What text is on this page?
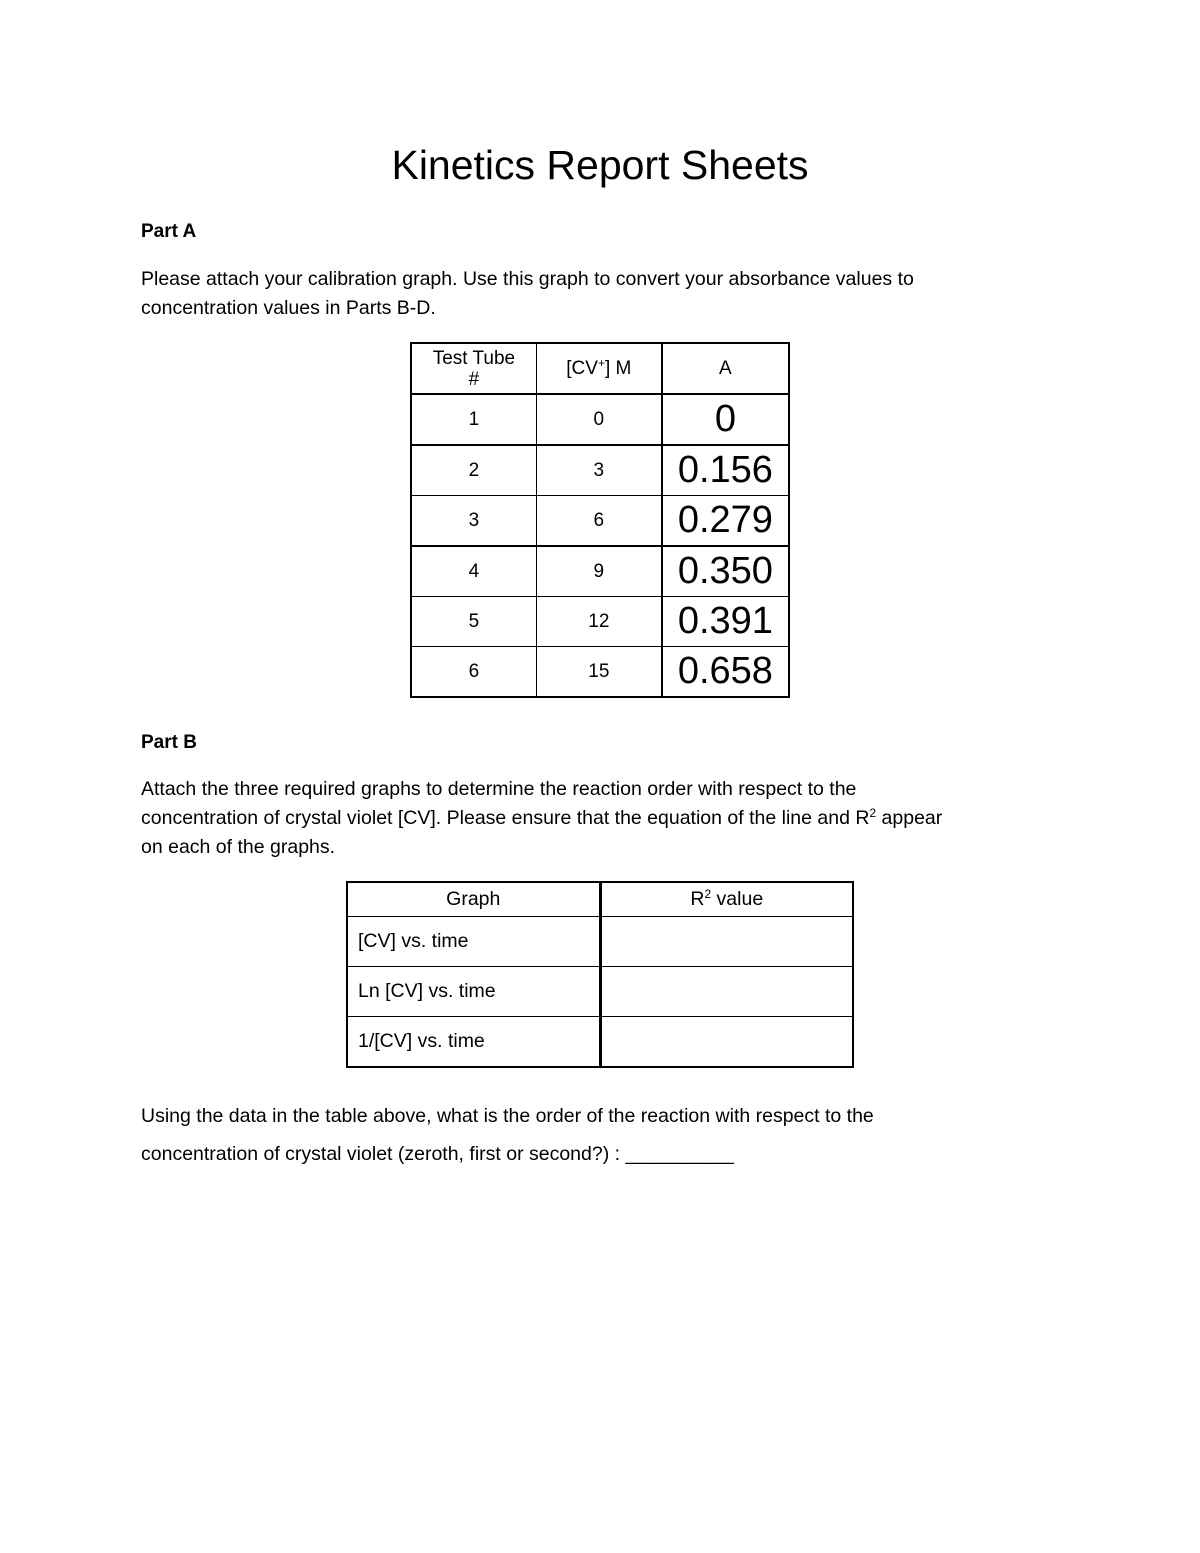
Kinetics Report Sheets
Part A

Please attach your calibration graph. Use this graph to convert your absorbance values to

concentration values in Parts B-D.

Test Tube
#	[CV+] M	A
1	0	0
2	3	0.156
3	6	0.279
4	9	0.350
5	12	0.391
6	15	0.658
Part B

Attach the three required graphs to determine the reaction order with respect to the

concentration of crystal violet [CV]. Please ensure that the equation of the line and $R^2$ appear

on each of the graphs.

Graph	$R^2$ value
[CV] vs. time	
Ln [CV] vs. time	
1/[CV] vs. time	

Using the data in the table above, what is the order of the reaction with respect to the

concentration of crystal violet (zeroth, first or second?) : __________
